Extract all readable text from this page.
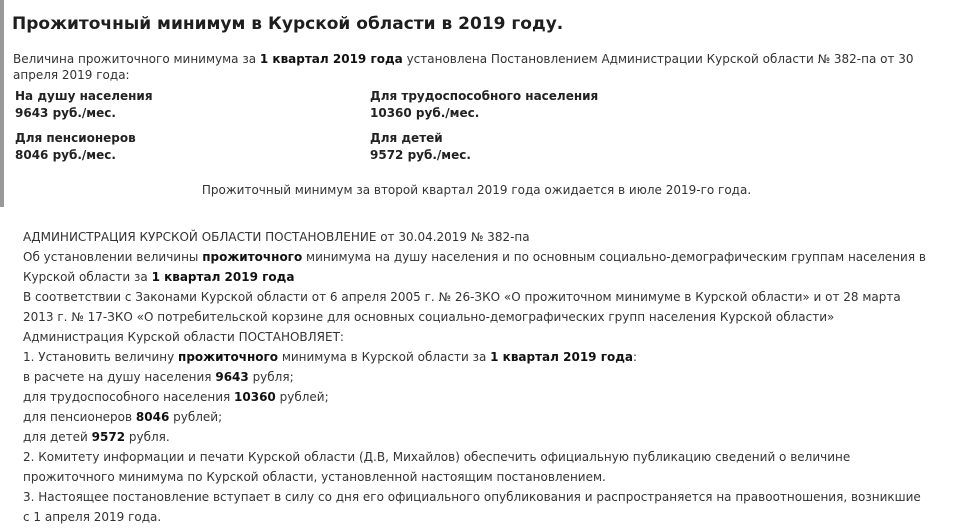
Прожиточный минимум в Курской области в 2019 году.
Величина прожиточного минимума за 1 квартал 2019 года установлена Постановлением Администрации Курской области № 382-па от 30 апреля 2019 года:
На душу населения
9643 руб./мес.
Для трудоспособного населения
10360 руб./мес.
Для пенсионеров
8046 руб./мес.
Для детей
9572 руб./мес.
Прожиточный минимум за второй квартал 2019 года ожидается в июле 2019-го года.

АДМИНИСТРАЦИЯ КУРСКОЙ ОБЛАСТИ ПОСТАНОВЛЕНИЕ от 30.04.2019 № 382-па

Об установлении величины прожиточного минимума на душу населения и по основным социально-демографическим группам населения в Курской области за 1 квартал 2019 года

В соответствии с Законами Курской области от 6 апреля 2005 г. № 26-ЗКО «О прожиточном минимуме в Курской области» и от 28 марта 2013 г. № 17-ЗКО «О потребительской корзине для основных социально-демографических групп населения Курской области» Администрация Курской области ПОСТАНОВЛЯЕТ:

1. Установить величину прожиточного минимума в Курской области за 1 квартал 2019 года:

в расчете на душу населения 9643 рубля;

для трудоспособного населения 10360 рублей;

для пенсионеров 8046 рублей;

для детей 9572 рубля.

2. Комитету информации и печати Курской области (Д.В, Михайлов) обеспечить официальную публикацию сведений о величине прожиточного минимума по Курской области, установленной настоящим постановлением.

3. Настоящее постановление вступает в силу со дня его официального опубликования и распространяется на правоотношения, возникшие с 1 апреля 2019 года.
